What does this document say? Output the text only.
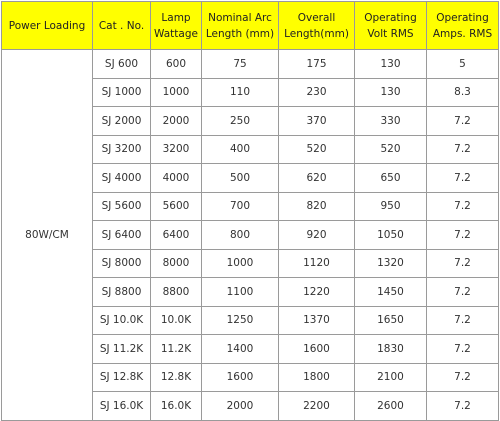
Power Loading	Cat . No.	Lamp Wattage	Nominal Arc Length (mm)	Overall Length(mm)	Operating Volt RMS	Operating Amps. RMS
80W/CM	SJ 600	600	75	175	130	5
	SJ 1000	1000	110	230	130	8.3
	SJ 2000	2000	250	370	330	7.2
	SJ 3200	3200	400	520	520	7.2
	SJ 4000	4000	500	620	650	7.2
	SJ 5600	5600	700	820	950	7.2
	SJ 6400	6400	800	920	1050	7.2
	SJ 8000	8000	1000	1120	1320	7.2
	SJ 8800	8800	1100	1220	1450	7.2
	SJ 10.0K	10.0K	1250	1370	1650	7.2
	SJ 11.2K	11.2K	1400	1600	1830	7.2
	SJ 12.8K	12.8K	1600	1800	2100	7.2
	SJ 16.0K	16.0K	2000	2200	2600	7.2
